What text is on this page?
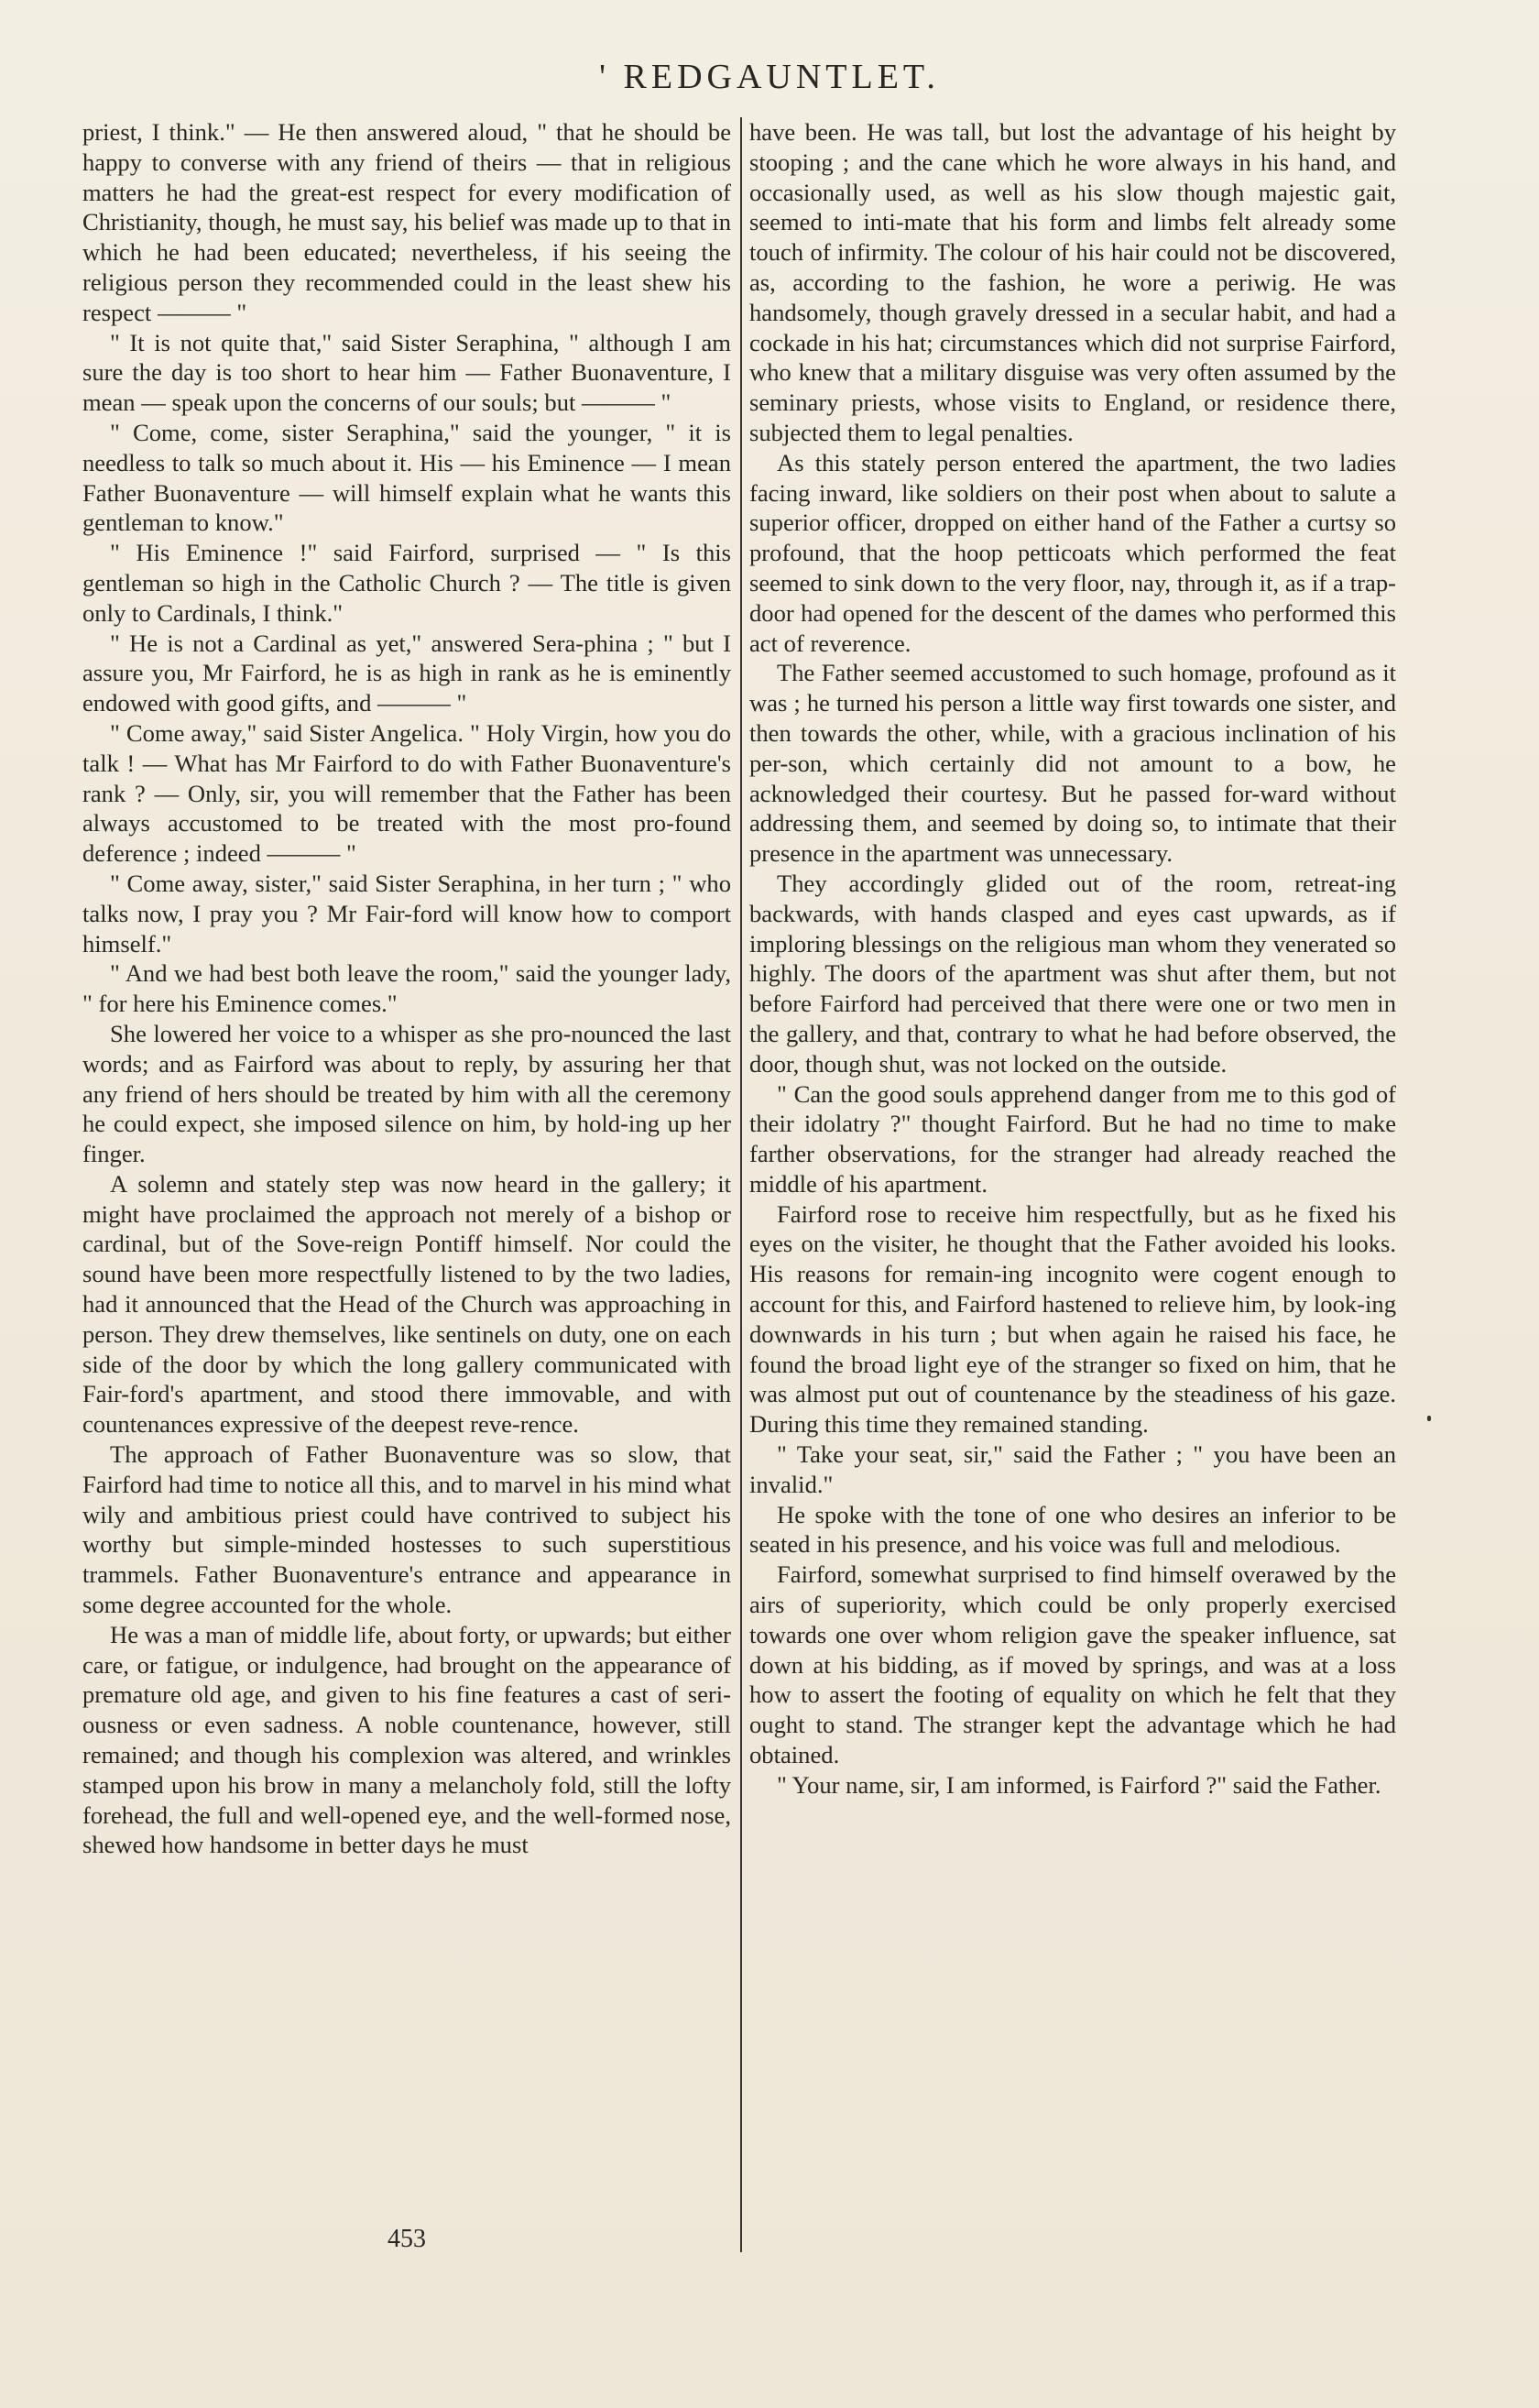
' REDGAUNTLET.

priest, I think." — He then answered aloud, " that he should be happy to converse with any friend of theirs — that in religious matters he had the great-est respect for every modification of Christianity, though, he must say, his belief was made up to that in which he had been educated; nevertheless, if his seeing the religious person they recommended could in the least shew his respect ——— "

" It is not quite that," said Sister Seraphina, " although I am sure the day is too short to hear him — Father Buonaventure, I mean — speak upon the concerns of our souls; but ——— "

" Come, come, sister Seraphina," said the younger, " it is needless to talk so much about it. His — his Eminence — I mean Father Buonaventure — will himself explain what he wants this gentleman to know."

" His Eminence !" said Fairford, surprised — " Is this gentleman so high in the Catholic Church ? — The title is given only to Cardinals, I think."

" He is not a Cardinal as yet," answered Sera-phina ; " but I assure you, Mr Fairford, he is as high in rank as he is eminently endowed with good gifts, and ——— "

" Come away," said Sister Angelica. " Holy Virgin, how you do talk ! — What has Mr Fairford to do with Father Buonaventure's rank ? — Only, sir, you will remember that the Father has been always accustomed to be treated with the most pro-found deference ; indeed ——— "

" Come away, sister," said Sister Seraphina, in her turn ; " who talks now, I pray you ? Mr Fair-ford will know how to comport himself."

" And we had best both leave the room," said the younger lady, " for here his Eminence comes."

She lowered her voice to a whisper as she pro-nounced the last words; and as Fairford was about to reply, by assuring her that any friend of hers should be treated by him with all the ceremony he could expect, she imposed silence on him, by hold-ing up her finger.

A solemn and stately step was now heard in the gallery; it might have proclaimed the approach not merely of a bishop or cardinal, but of the Sove-reign Pontiff himself. Nor could the sound have been more respectfully listened to by the two ladies, had it announced that the Head of the Church was approaching in person. They drew themselves, like sentinels on duty, one on each side of the door by which the long gallery communicated with Fair-ford's apartment, and stood there immovable, and with countenances expressive of the deepest reve-rence.

The approach of Father Buonaventure was so slow, that Fairford had time to notice all this, and to marvel in his mind what wily and ambitious priest could have contrived to subject his worthy but simple-minded hostesses to such superstitious trammels. Father Buonaventure's entrance and appearance in some degree accounted for the whole.

He was a man of middle life, about forty, or upwards; but either care, or fatigue, or indulgence, had brought on the appearance of premature old age, and given to his fine features a cast of seri-ousness or even sadness. A noble countenance, however, still remained; and though his complexion was altered, and wrinkles stamped upon his brow in many a melancholy fold, still the lofty forehead, the full and well-opened eye, and the well-formed nose, shewed how handsome in better days he must

have been. He was tall, but lost the advantage of his height by stooping ; and the cane which he wore always in his hand, and occasionally used, as well as his slow though majestic gait, seemed to inti-mate that his form and limbs felt already some touch of infirmity. The colour of his hair could not be discovered, as, according to the fashion, he wore a periwig. He was handsomely, though gravely dressed in a secular habit, and had a cockade in his hat; circumstances which did not surprise Fairford, who knew that a military disguise was very often assumed by the seminary priests, whose visits to England, or residence there, subjected them to legal penalties.

As this stately person entered the apartment, the two ladies facing inward, like soldiers on their post when about to salute a superior officer, dropped on either hand of the Father a curtsy so profound, that the hoop petticoats which performed the feat seemed to sink down to the very floor, nay, through it, as if a trap-door had opened for the descent of the dames who performed this act of reverence.

The Father seemed accustomed to such homage, profound as it was ; he turned his person a little way first towards one sister, and then towards the other, while, with a gracious inclination of his per-son, which certainly did not amount to a bow, he acknowledged their courtesy. But he passed for-ward without addressing them, and seemed by doing so, to intimate that their presence in the apartment was unnecessary.

They accordingly glided out of the room, retreat-ing backwards, with hands clasped and eyes cast upwards, as if imploring blessings on the religious man whom they venerated so highly. The doors of the apartment was shut after them, but not before Fairford had perceived that there were one or two men in the gallery, and that, contrary to what he had before observed, the door, though shut, was not locked on the outside.

" Can the good souls apprehend danger from me to this god of their idolatry ?" thought Fairford. But he had no time to make farther observations, for the stranger had already reached the middle of his apartment.

Fairford rose to receive him respectfully, but as he fixed his eyes on the visiter, he thought that the Father avoided his looks. His reasons for remain-ing incognito were cogent enough to account for this, and Fairford hastened to relieve him, by look-ing downwards in his turn ; but when again he raised his face, he found the broad light eye of the stranger so fixed on him, that he was almost put out of countenance by the steadiness of his gaze. During this time they remained standing.

" Take your seat, sir," said the Father ; " you have been an invalid."

He spoke with the tone of one who desires an inferior to be seated in his presence, and his voice was full and melodious.

Fairford, somewhat surprised to find himself overawed by the airs of superiority, which could be only properly exercised towards one over whom religion gave the speaker influence, sat down at his bidding, as if moved by springs, and was at a loss how to assert the footing of equality on which he felt that they ought to stand. The stranger kept the advantage which he had obtained.

" Your name, sir, I am informed, is Fairford ?" said the Father.

453
